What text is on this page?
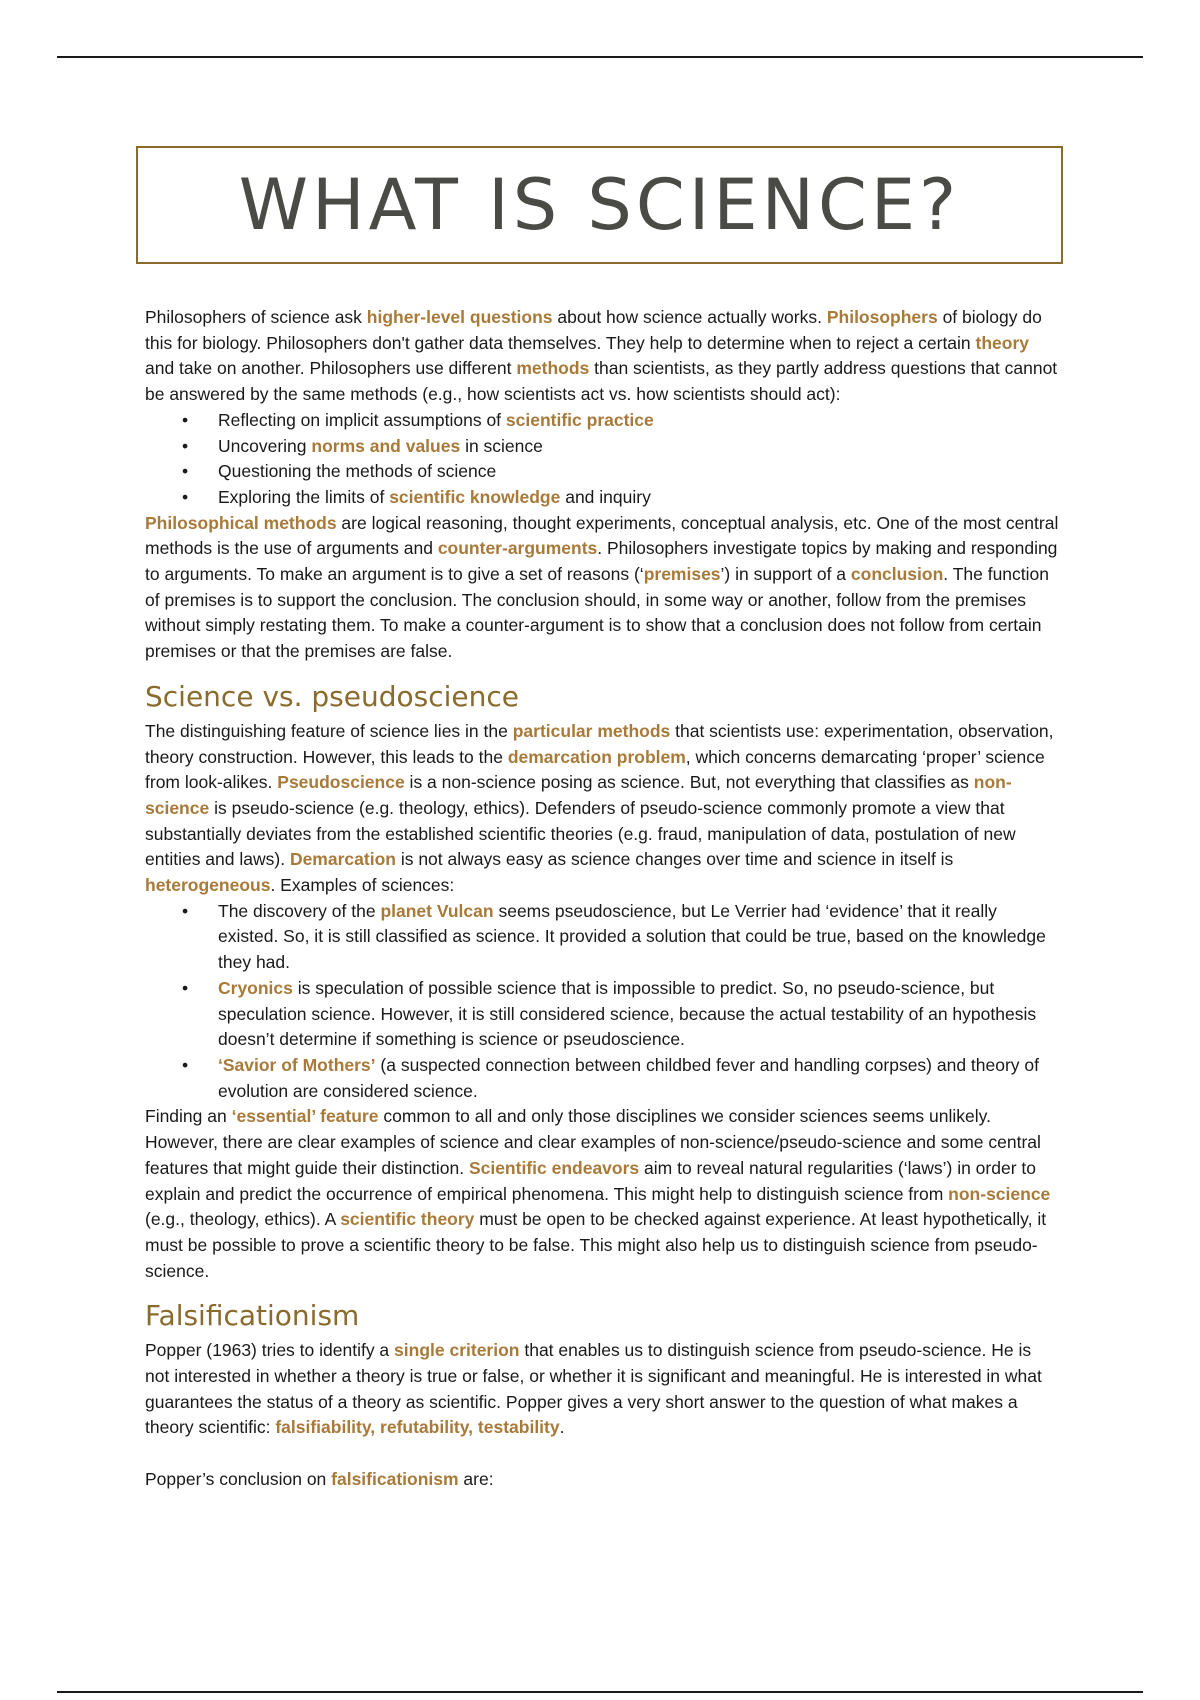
WHAT IS SCIENCE?

Philosophers of science ask higher-level questions about how science actually works. Philosophers of biology do this for biology. Philosophers don't gather data themselves. They help to determine when to reject a certain theory and take on another. Philosophers use different methods than scientists, as they partly address questions that cannot be answered by the same methods (e.g., how scientists act vs. how scientists should act):

• Reflecting on implicit assumptions of scientific practice
• Uncovering norms and values in science
• Questioning the methods of science
• Exploring the limits of scientific knowledge and inquiry

Philosophical methods are logical reasoning, thought experiments, conceptual analysis, etc. One of the most central methods is the use of arguments and counter-arguments. Philosophers investigate topics by making and responding to arguments. To make an argument is to give a set of reasons (‘premises’) in support of a conclusion. The function of premises is to support the conclusion. The conclusion should, in some way or another, follow from the premises without simply restating them. To make a counter-argument is to show that a conclusion does not follow from certain premises or that the premises are false.

Science vs. pseudoscience

The distinguishing feature of science lies in the particular methods that scientists use: experimentation, observation, theory construction. However, this leads to the demarcation problem, which concerns demarcating ‘proper’ science from look-alikes. Pseudoscience is a non-science posing as science. But, not everything that classifies as non-science is pseudo-science (e.g. theology, ethics). Defenders of pseudo-science commonly promote a view that substantially deviates from the established scientific theories (e.g. fraud, manipulation of data, postulation of new entities and laws). Demarcation is not always easy as science changes over time and science in itself is heterogeneous. Examples of sciences:

• The discovery of the planet Vulcan seems pseudoscience, but Le Verrier had ‘evidence’ that it really existed. So, it is still classified as science. It provided a solution that could be true, based on the knowledge they had.
• Cryonics is speculation of possible science that is impossible to predict. So, no pseudo-science, but speculation science. However, it is still considered science, because the actual testability of an hypothesis doesn’t determine if something is science or pseudoscience.
• ‘Savior of Mothers’ (a suspected connection between childbed fever and handling corpses) and theory of evolution are considered science.

Finding an ‘essential’ feature common to all and only those disciplines we consider sciences seems unlikely. However, there are clear examples of science and clear examples of non-science/pseudo-science and some central features that might guide their distinction. Scientific endeavors aim to reveal natural regularities (‘laws’) in order to explain and predict the occurrence of empirical phenomena. This might help to distinguish science from non-science (e.g., theology, ethics). A scientific theory must be open to be checked against experience. At least hypothetically, it must be possible to prove a scientific theory to be false. This might also help us to distinguish science from pseudo-science.

Falsificationism

Popper (1963) tries to identify a single criterion that enables us to distinguish science from pseudo-science. He is not interested in whether a theory is true or false, or whether it is significant and meaningful. He is interested in what guarantees the status of a theory as scientific. Popper gives a very short answer to the question of what makes a theory scientific: falsifiability, refutability, testability.

Popper’s conclusion on falsificationism are:
